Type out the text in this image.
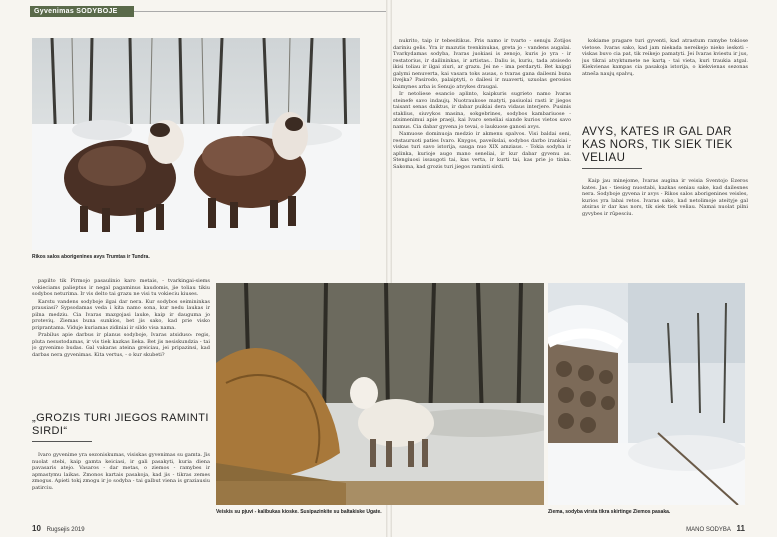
Gyvenimas SODYBOJE
Rikos salos aborigenines avys Trumtas ir Tundra.

nukrito, taip ir tebesitikus. Pris namo ir tvarto - senuju Zotijos dariniu gelis. Yra ir mazutis tvenkinukas, greta jo - vandens augalai. Tvarkydamas sodyba, Ivaras juokiasi is zenojo, kuris jo yra - ir restatorius, ir dailininkas, ir artistas.. Daliu is, kuriu, tada atsisedo ikisi toliau ir ilgai ziuri, ar grazu. Jei ne - ima perdaryti. Bet kaipgi galymi nenuverta, kai vasara toks ausas, o tvaras gana dailesni buna ilvejka? Pasirodo, palaiptyti, o dailesi ir nuaverti, uzuolas gerosios kaimynes arba is Senujo atvykes draugai.

Ir netoliese esancio aplinto, kaipkuris sugrieto namo Ivaras steinefe savo indaujų. Nuotraukose matyti, pasiuolai rasti ir jiegos taisant senas daiktus, ir dabar puikiai dera vidaus interjere. Pusinis staklius, siuvykos masina, sokgebrines, sodybos kambariuose - atsimenimui apie praeji, kai Ivaro seneliai siande kurios vietos savo namus. Cia dabar gyvena jo tevai, o laukuose ganosi avys.

Namuose dominuoja medzio ir akmenu spalvos. Visi baldai seni, restauruoti paties Ivaro. Knygos, paveikslai, sodybos darbo irankiai - viskas turi savo istorija, sauga nuo XIX amziaus. - Tokia sodyba ir aplinka, kurioje augo mano seneliai, ir kur dabar gyvenu as. Stengiuosi issaugoti tai, kas verta, ir kurti tai, kas prie jo tinka. Sakoma, kad grozis turi jiegos raminti sirdi.

kokiame pragare turi gyventi, kad atrastum ramybe tokiose vietose. Ivaras sako, kad jam niekada nereikejo nieko ieskoti - viskas buvo cia pat, tik reikejo pamatyti. Jei Ivaras kviestu ir jus, jus tikrai atvyktumete ne kartą - tai vieta, kuri traukia atgal. Kiekvienas kampas cia pasakoja istorija, o kiekvienas sezonas atneša naujų spalvų.

AVYS, KATES IR GAL DAR KAS NORS, TIK SIEK TIEK VELIAU

Kaip jau minejome, Ivaras augina ir veisia Sventojo Ezeros kates. Jas - tiesiog nuostabi, kazkas seniau sake, kad dailesnes nera. Sodyboje gyvena ir avys - Rikos salos aborigenines veisles, kurios yra labai retos. Ivaras sako, kad netolimoje ateityje gal atsiras ir dar kas nors, tik siek tiek veliau. Namai nuolat pilni gyvybes ir rūpesciu.

papilto tik Pirmojo pasaulinio karo metais, - tvarkingai-siems vokieciams palieptus ir negal pagaminus kaudomis, jie toliau tikiu sodybos neturima. Ir vis delto tai grazu ne visi tu vokieciu kiuses.

Karstu vandens sodyboje ilgai dar nera. Kur sodybos seimininkas prausiasi? Sypsodamas veda i kita namo sona, kur nedu laukas ir pilna medziu. Cia Ivaras mazgojasi lauke, kaip ir dauguma jo protevių. Ziemas buna sunkios, bet jis sako, kad prie visko priprantama. Viduje kuriamas zidiniai ir sildo visa nama.

Prabilus apie darbus ir planus sodyboje, Ivaras atsiduso: regis, pluta nesustodamas, ir vis tiek kazkas lieka. Bet jis nesiskundzia - tai jo gyvenimo budas. Gal vakaras ateina greiciau, jei pripazinsi, kad darbas nera gyvenimas. Kita vertus, - o kur skubeti?

„GROZIS TURI JIEGOS RAMINTI SIRDI“

Ivaro gyvenime yra sezoniskumas, visiskas gyvenimas su gamta. Jis nuolat stebi, kaip gamta keiciasi, ir gali pasakyti, kuria diena pavasaris atejo. Vasaros - dar metas, o ziemos - ramybes ir apmastymu laikas. Zmonos kartais pasakoja, kad jis - tikras zemes zmogus. Apieti tokį zmogu ir jo sodyba - tai galbut viena is graziausiu patirciu.

Veiskis su pjuvi - kalibukas kioske. Susipazinkite su baltakiske Ugate.	Ziema, sodyba virsta tikra skirtinge Ziemos pasaka.
10 Rugsejis 2019	MANO SODYBA 11
